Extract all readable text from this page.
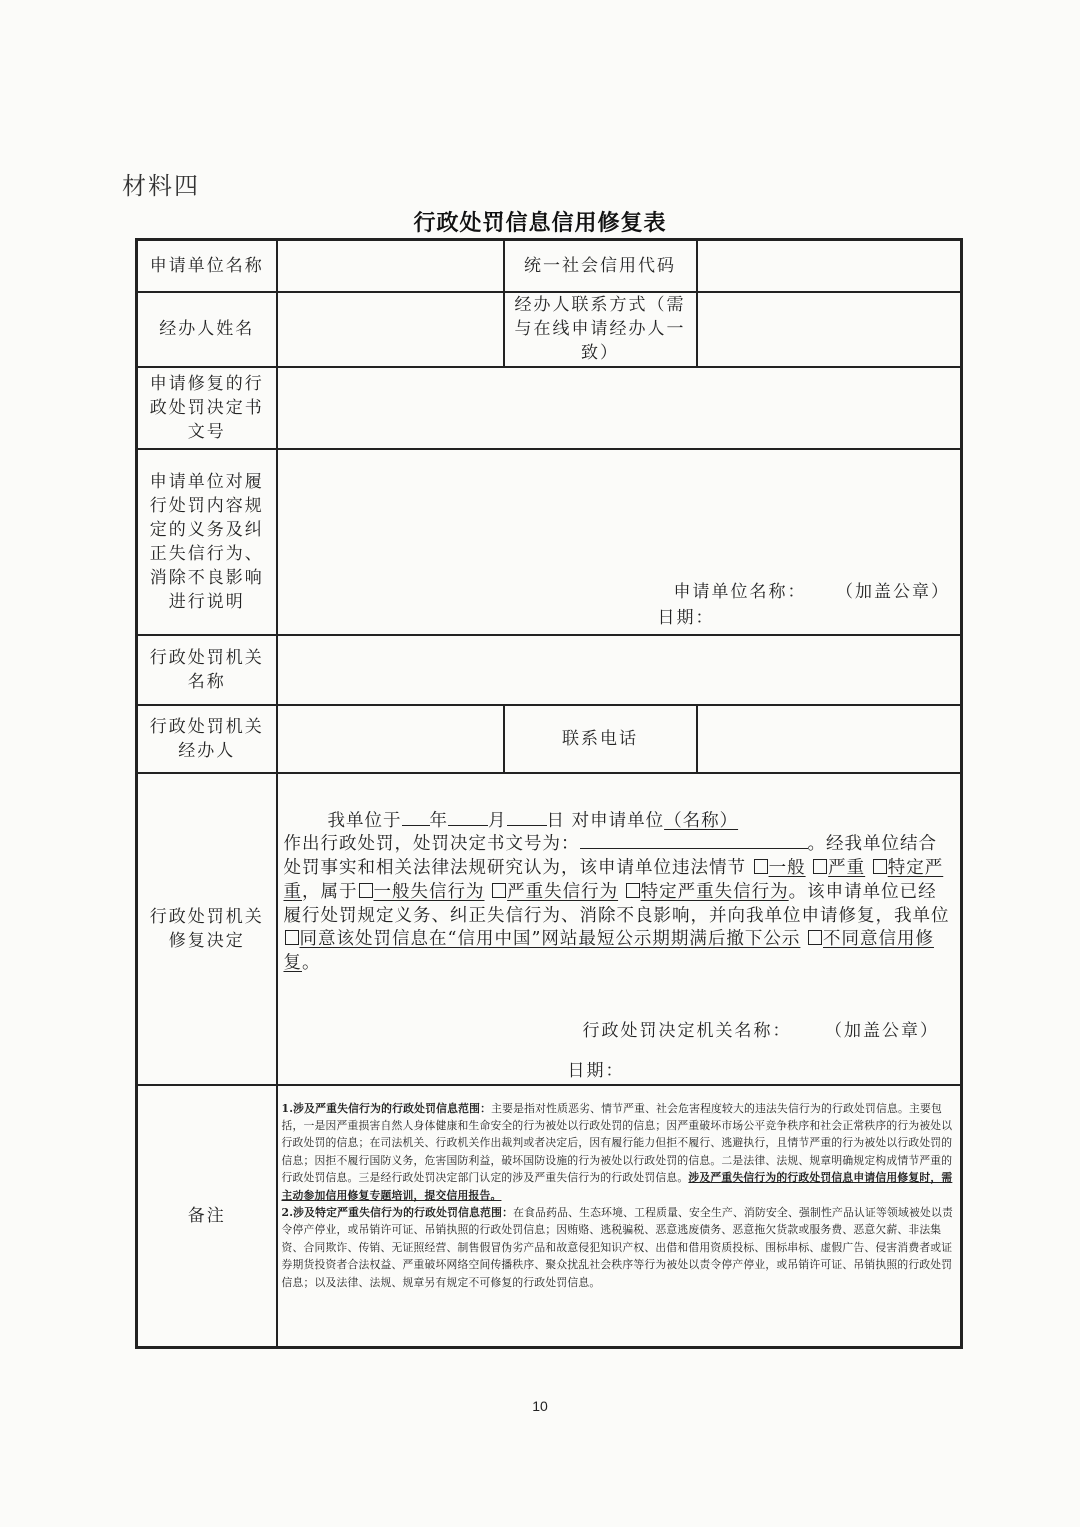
材料四
行政处罚信息信用修复表
申请单位名称		统一社会信用代码	
经办人姓名		经办人联系方式（需与在线申请经办人一致）	
申请修复的行政处罚决定书文号			
申请单位对履行处罚内容规定的义务及纠正失信行为、消除不良影响进行说明	申请单位名称： （加盖公章）
日期：		

行政处罚机关名称			
行政处罚机关经办人		联系电话	
行政处罚机关修复决定	我单位于 年 月 日 对申请单位（名称）
作出行政处罚，处罚决定书文号为： 。经我单位结合处罚事实和相关法律法规研究认为，该申请单位违法情节 一般 严重 特定严重，属于 一般失信行为 严重失信行为 特定严重失信行为。该申请单位已经履行处罚规定义务、纠正失信行为、消除不良影响，并向我单位申请修复，我单位同意该处罚信息在“信用中国”网站最短公示期期满后撤下公示 不同意信用修复。
行政处罚决定机关名称： （加盖公章）
日期：		

备注	1.涉及严重失信行为的行政处罚信息范围：主要是指对性质恶劣、情节严重、社会危害程度较大的违法失信行为的行政处罚信息。主要包括，一是因严重损害自然人身体健康和生命安全的行为被处以行政处罚的信息；因严重破坏市场公平竞争秩序和社会正常秩序的行为被处以行政处罚的信息；在司法机关、行政机关作出裁判或者决定后，因有履行能力但拒不履行、逃避执行，且情节严重的行为被处以行政处罚的信息；因拒不履行国防义务，危害国防利益，破坏国防设施的行为被处以行政处罚的信息。二是法律、法规、规章明确规定构成情节严重的行政处罚信息。三是经行政处罚决定部门认定的涉及严重失信行为的行政处罚信息。涉及严重失信行为的行政处罚信息申请信用修复时，需主动参加信用修复专题培训，提交信用报告。
2.涉及特定严重失信行为的行政处罚信息范围：在食品药品、生态环境、工程质量、安全生产、消防安全、强制性产品认证等领域被处以责令停产停业，或吊销许可证、吊销执照的行政处罚信息；因贿赂、逃税骗税、恶意逃废债务、恶意拖欠货款或服务费、恶意欠薪、非法集资、合同欺诈、传销、无证照经营、制售假冒伪劣产品和故意侵犯知识产权、出借和借用资质投标、围标串标、虚假广告、侵害消费者或证券期货投资者合法权益、严重破坏网络空间传播秩序、聚众扰乱社会秩序等行为被处以责令停产停业，或吊销许可证、吊销执照的行政处罚信息；以及法律、法规、规章另有规定不可修复的行政处罚信息。		
10
